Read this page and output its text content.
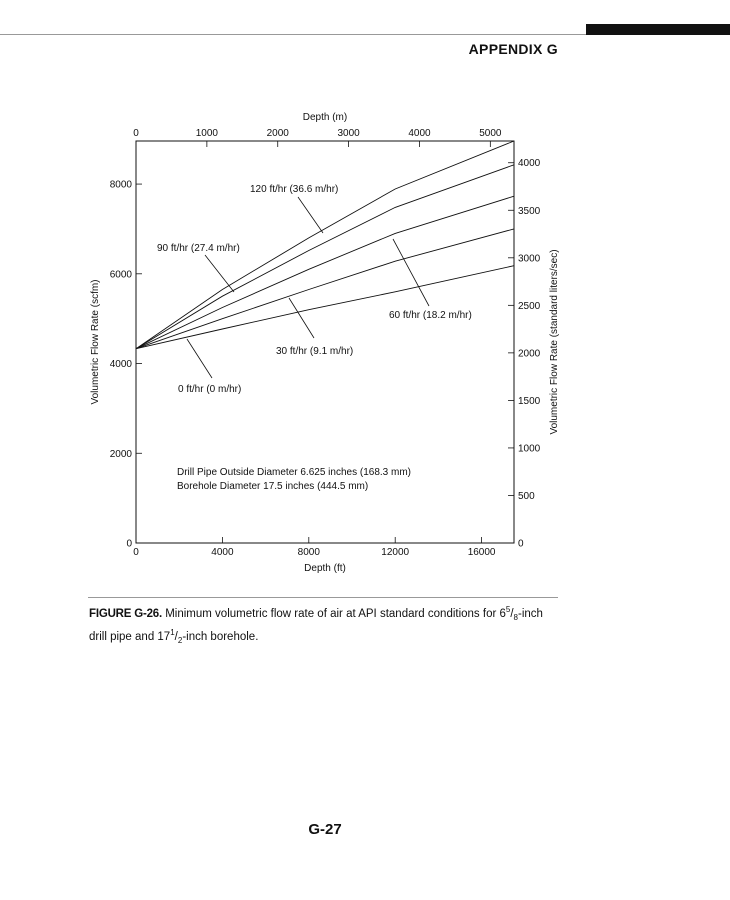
APPENDIX G
0	4000	8000	12000	16000
0	1000	2000	3000	4000	5000
0
2000
4000
6000
8000
0
500
1000
1500
2000
2500
3000
3500
4000
Depth (m)
Depth (ft)
Volumetric Flow Rate (scfm)	Volumetric Flow Rate (standard liters/sec)
120 ft/hr (36.6 m/hr)
90 ft/hr (27.4 m/hr)
60 ft/hr (18.2 m/hr)
30 ft/hr (9.1 m/hr)
0 ft/hr (0 m/hr)
Drill Pipe Outside Diameter 6.625 inches (168.3 mm)
Borehole Diameter 17.5 inches (444.5 mm)
FIGURE G-26. Minimum volumetric flow rate of air at API standard conditions for $6^5/_8$-inch drill pipe and $17^1/_2$-inch borehole.
G-27
